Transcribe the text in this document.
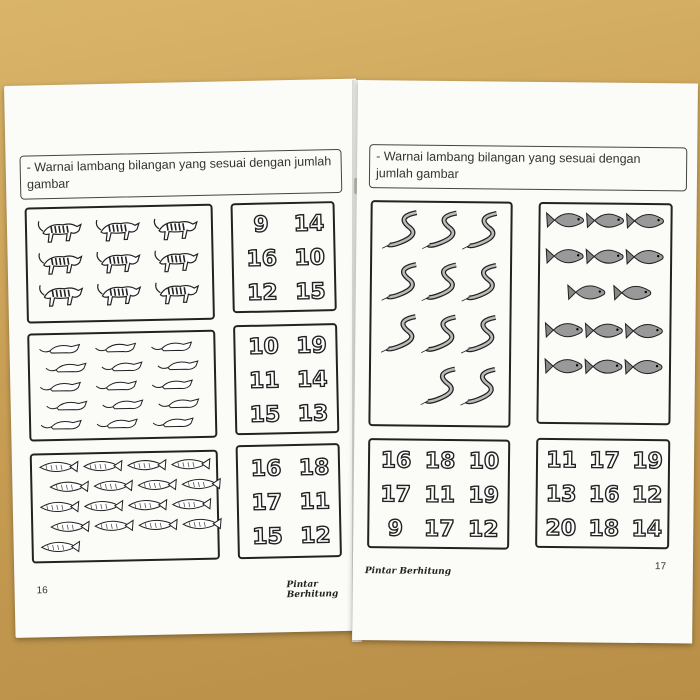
- Warnai lambang bilangan yang sesuai dengan jumlah gambar
9	14
16 10
12 15
10 19
11 14
15 13
16 18
17 11
15 12
16
Pintar Berhitung
- Warnai lambang bilangan yang sesuai dengan jumlah gambar
16 18 10
17 11 19
9 17 12
11 17 19
13 16 12
20 18 14
Pintar Berhitung	17
